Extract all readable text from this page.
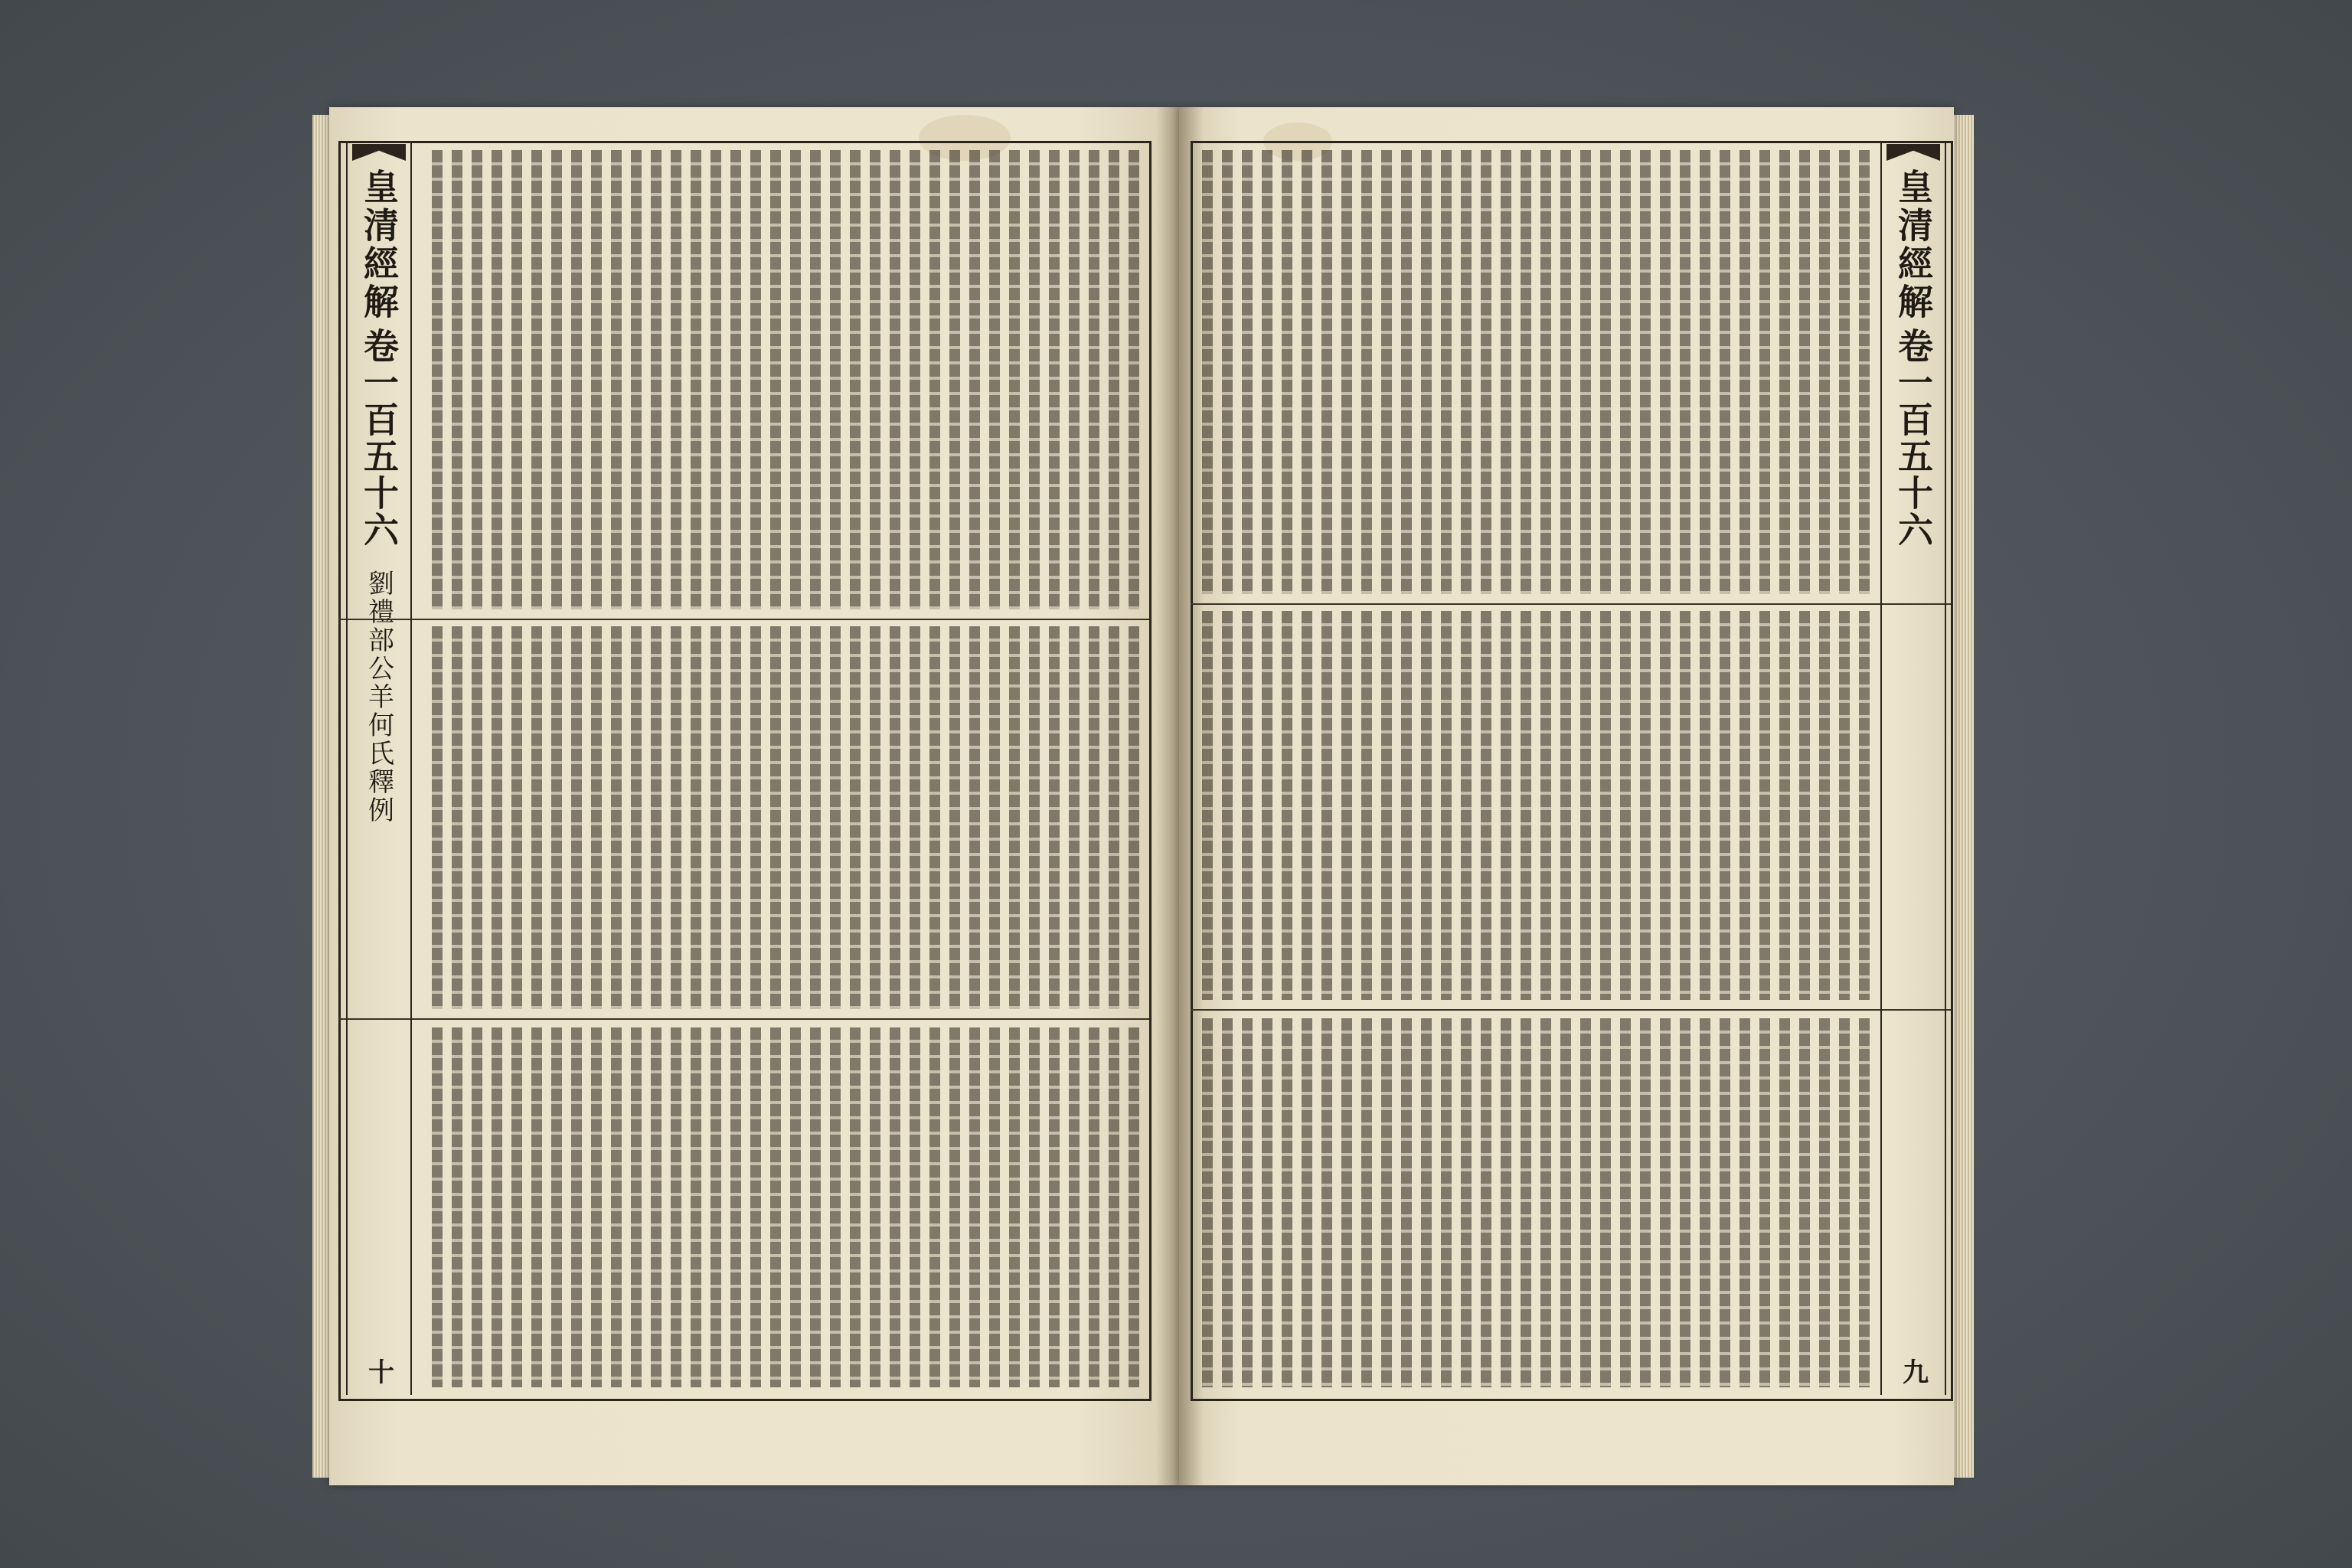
皇清經解
卷一百五十六
劉禮部公羊何氏釋例
十
皇清經解
卷一百五十六
九
